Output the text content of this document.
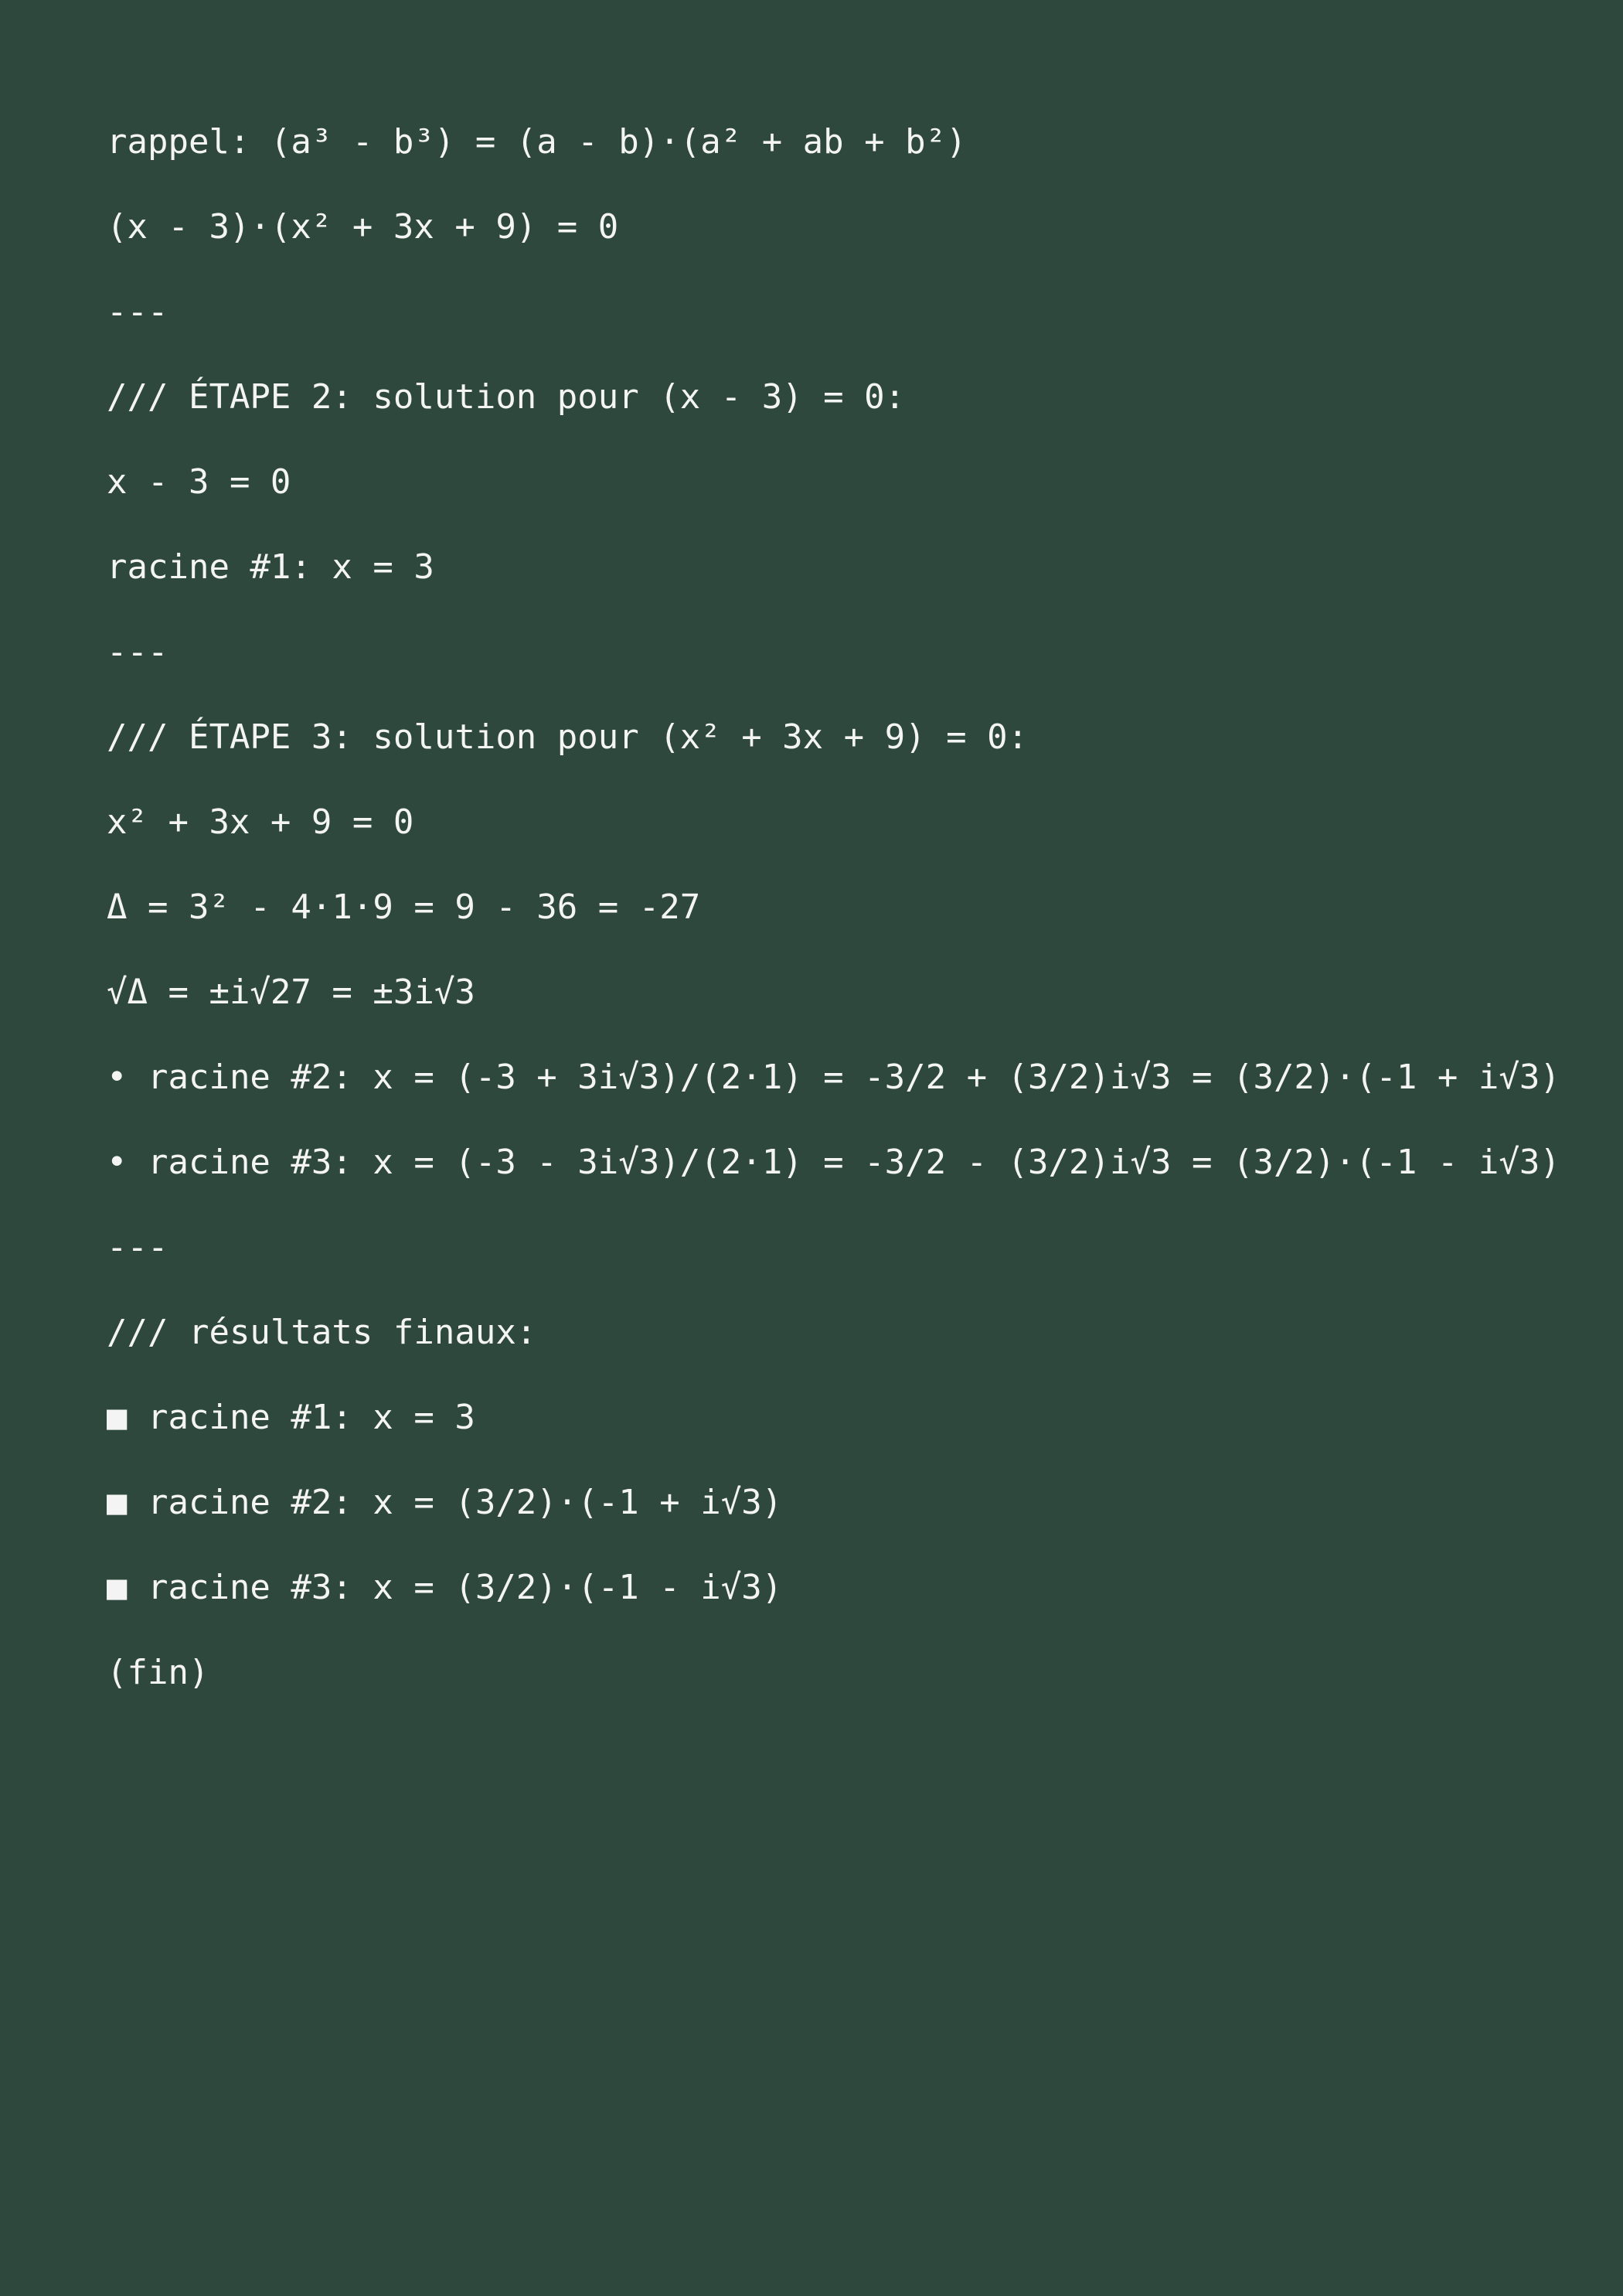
rappel: (a³ - b³) = (a - b)·(a² + ab + b²)
(x - 3)·(x² + 3x + 9) = 0
---
/// ÉTAPE 2: solution pour (x - 3) = 0:
x - 3 = 0
racine #1: x = 3
---
/// ÉTAPE 3: solution pour (x² + 3x + 9) = 0:
x² + 3x + 9 = 0
Δ = 3² - 4·1·9 = 9 - 36 = -27
√Δ = ±i√27 = ±3i√3
• racine #2: x = (-3 + 3i√3)/(2·1) = -3/2 + (3/2)i√3 = (3/2)·(-1 + i√3)
• racine #3: x = (-3 - 3i√3)/(2·1) = -3/2 - (3/2)i√3 = (3/2)·(-1 - i√3)
---
/// résultats finaux:
■ racine #1: x = 3
■ racine #2: x = (3/2)·(-1 + i√3)
■ racine #3: x = (3/2)·(-1 - i√3)
(fin)
